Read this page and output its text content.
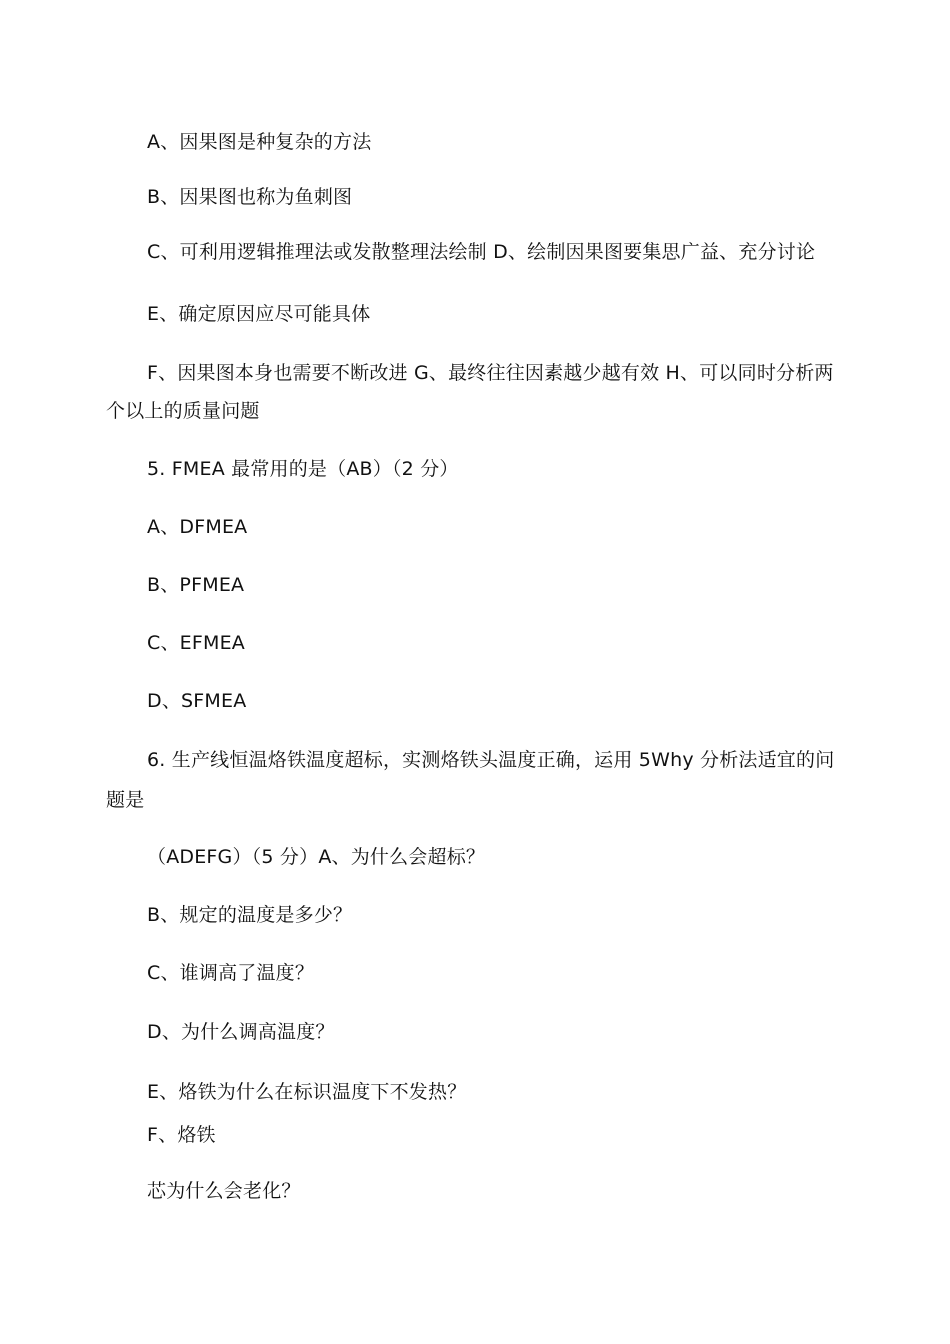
A、因果图是种复杂的方法
B、因果图也称为鱼刺图
C、可利用逻辑推理法或发散整理法绘制 D、绘制因果图要集思广益、充分讨论
E、确定原因应尽可能具体
F、因果图本身也需要不断改进 G、最终往往因素越少越有效 H、可以同时分析两
个以上的质量问题
5. FMEA 最常用的是（AB）（2 分）
A、DFMEA
B、PFMEA
C、EFMEA
D、SFMEA
6. 生产线恒温烙铁温度超标，实测烙铁头温度正确，运用 5Why 分析法适宜的问
题是
（ADEFG）（5 分）A、为什么会超标？
B、规定的温度是多少？
C、谁调高了温度？
D、为什么调高温度？
E、烙铁为什么在标识温度下不发热？
F、烙铁
芯为什么会老化？
